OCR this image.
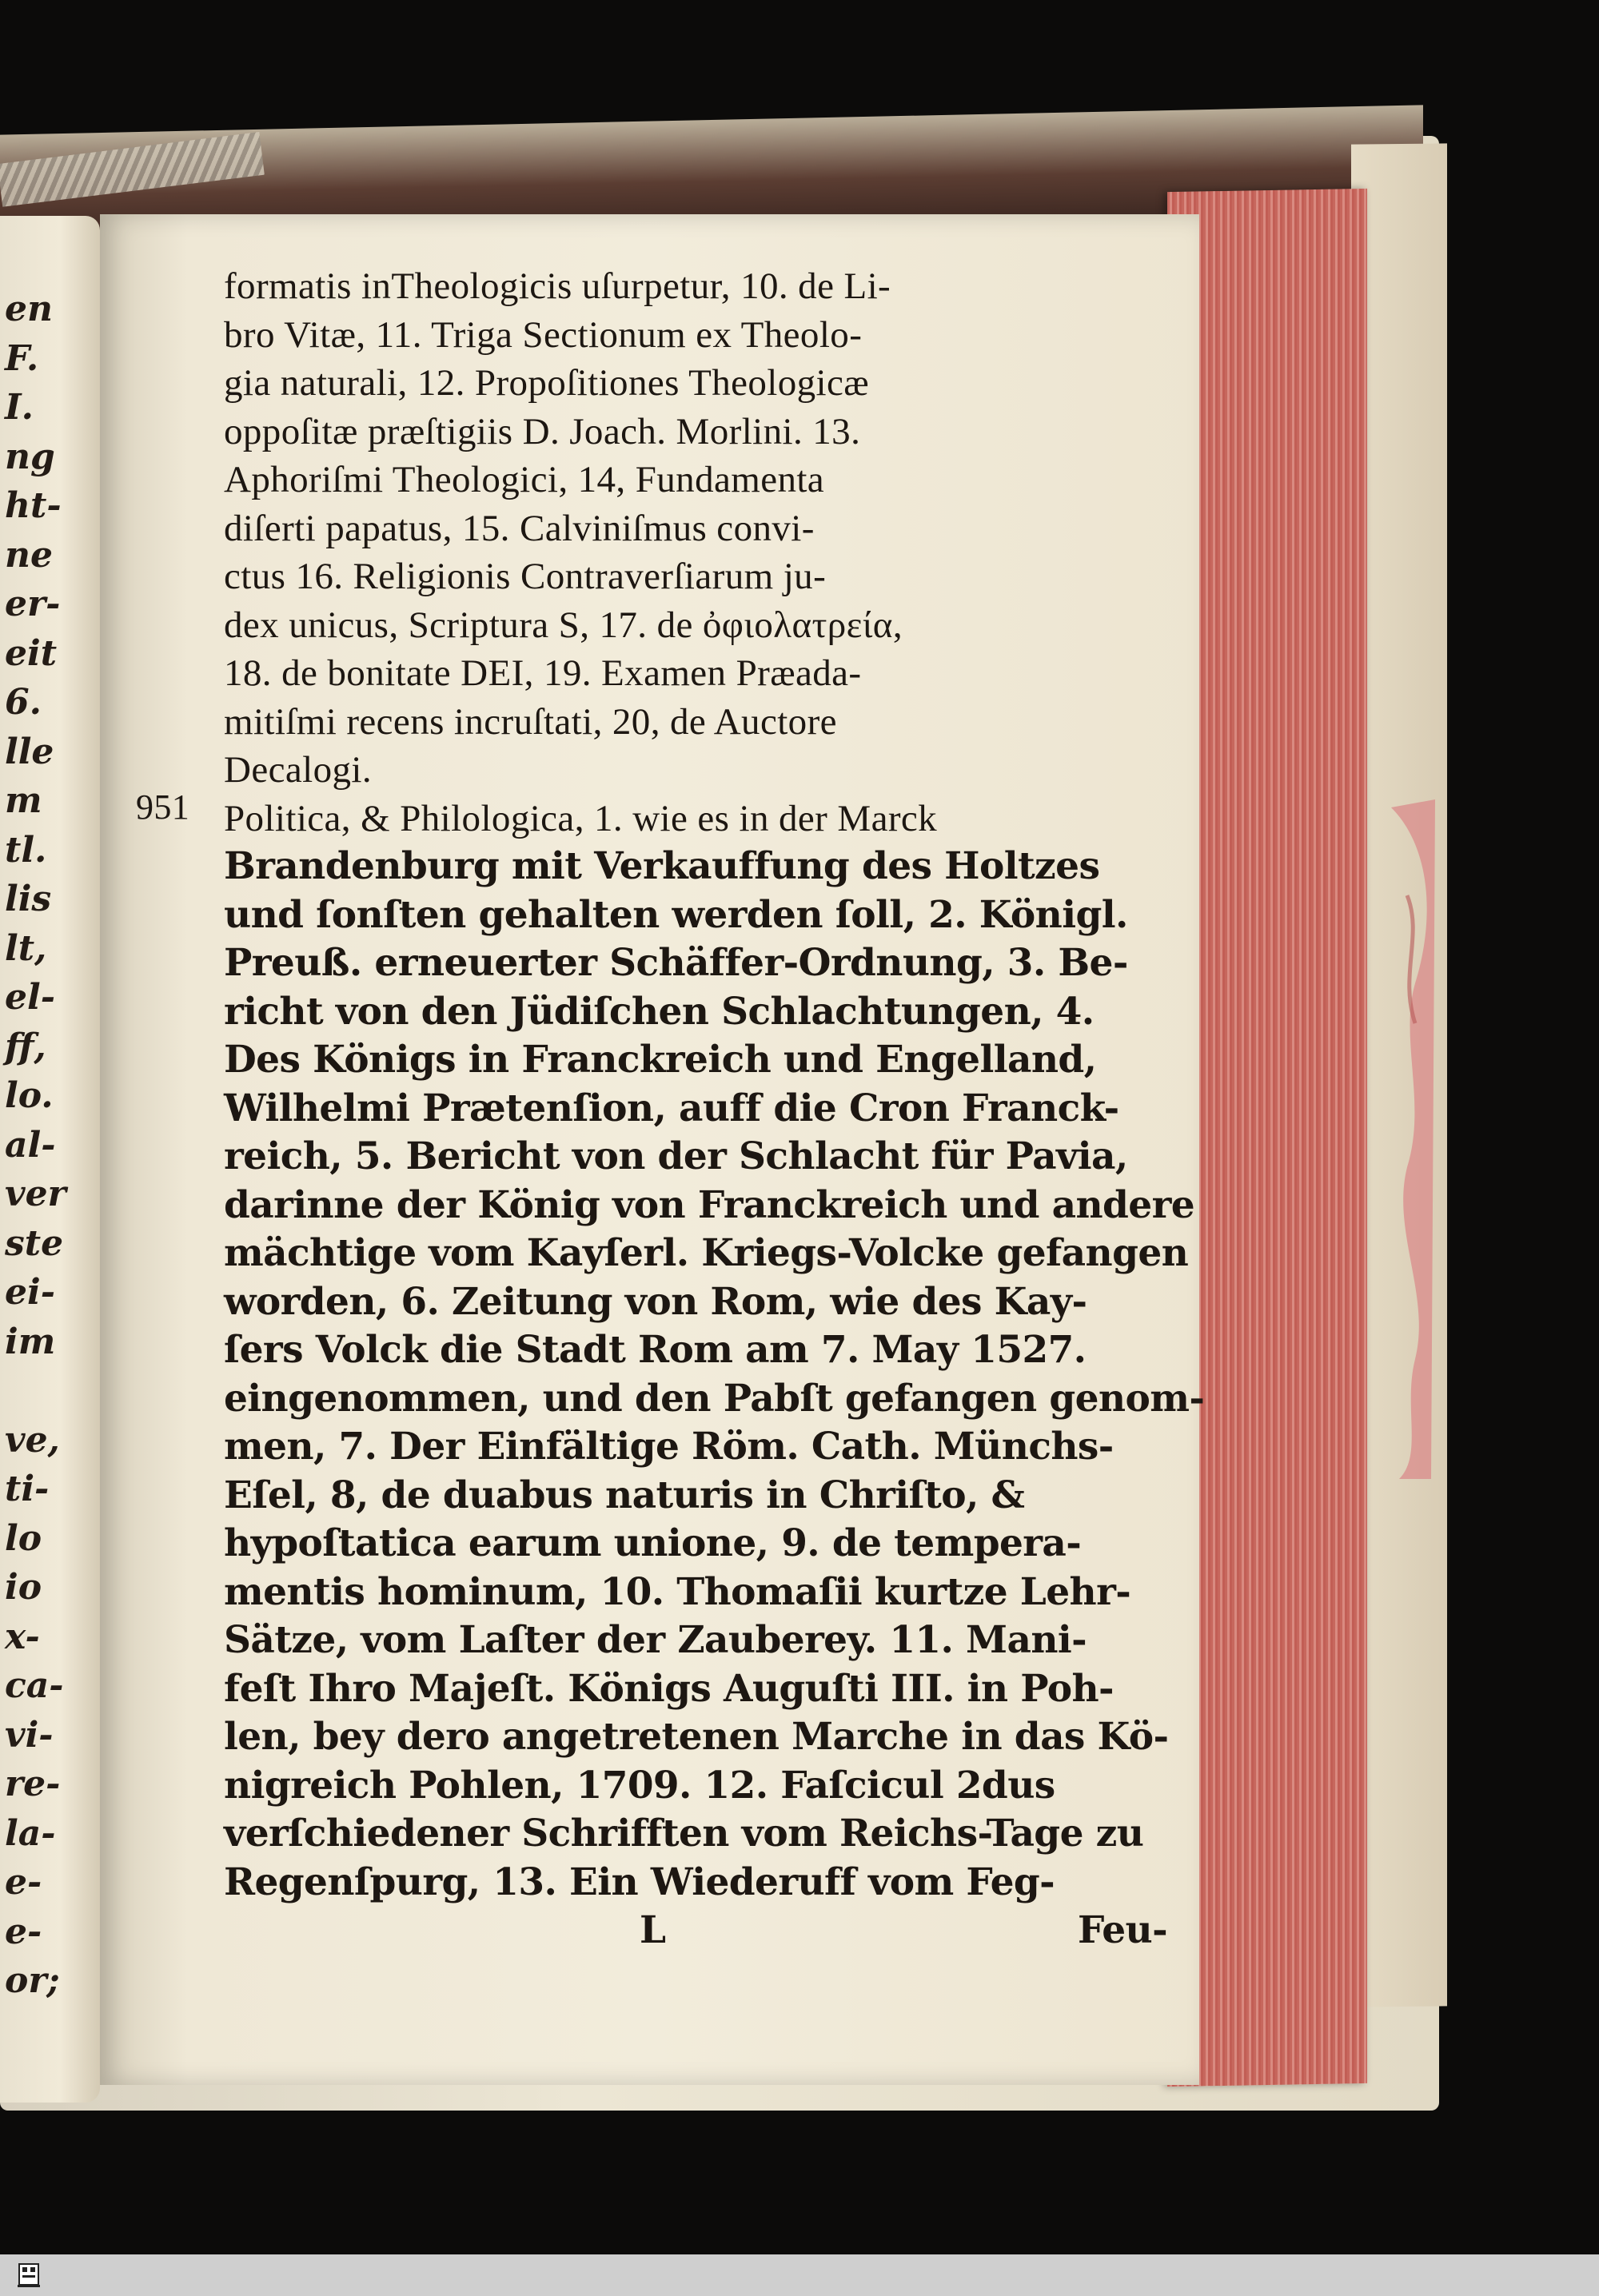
en
F.
I.
ng
ht-
ne
er-
eit
6.
lle
m
tl.
lis
lt,
el-
ff,
lo.
al-
ver
ste
ei-
im
ve,
ti-
lo
io
x-
ca-
vi-
re-
la-
e-
e-
or;
formatis inTheologicis uſurpetur, 10. de Li-
bro Vitæ, 11. Triga Sectionum ex Theolo-
gia naturali, 12. Propoſitiones Theologicæ
oppoſitæ præſtigiis D. Joach. Morlini. 13.
Aphoriſmi Theologici, 14, Fundamenta
diſerti papatus, 15. Calviniſmus convi-
ctus 16. Religionis Contraverſiarum ju-
dex unicus, Scriptura S, 17. de ὀφιολατρεία,
18. de bonitate DEI, 19. Examen Præada-
mitiſmi recens incruſtati, 20, de Auctore
Decalogi.
Politica, & Philologica, 1. wie es in der Marck
951
Brandenburg mit Verkauffung des Holtzes
und ſonſten gehalten werden ſoll, 2. Königl.
Preuß. erneuerter Schäffer-Ordnung, 3. Be-
richt von den Jüdiſchen Schlachtungen, 4.
Des Königs in Franckreich und Engelland,
Wilhelmi Prætenſion, auff die Cron Franck-
reich, 5. Bericht von der Schlacht für Pavia,
darinne der König von Franckreich und andere
mächtige vom Kayſerl. Kriegs-Volcke gefangen
worden, 6. Zeitung von Rom, wie des Kay-
ſers Volck die Stadt Rom am 7. May 1527.
eingenommen, und den Pabſt gefangen genom-
men, 7. Der Einfältige Röm. Cath. Münchs-
Eſel, 8, de duabus naturis in Chriſto, &
hypoſtatica earum unione, 9. de tempera-
mentis hominum, 10. Thomaſii kurtze Lehr-
Sätze, vom Laſter der Zauberey. 11. Mani-
feſt Ihro Majeſt. Königs Auguſti III. in Poh-
len, bey dero angetretenen Marche in das Kö-
nigreich Pohlen, 1709. 12. Faſcicul 2dus
verſchiedener Schrifften vom Reichs-Tage zu
Regenſpurg, 13. Ein Wiederuff vom Feg-
L	Feu-
